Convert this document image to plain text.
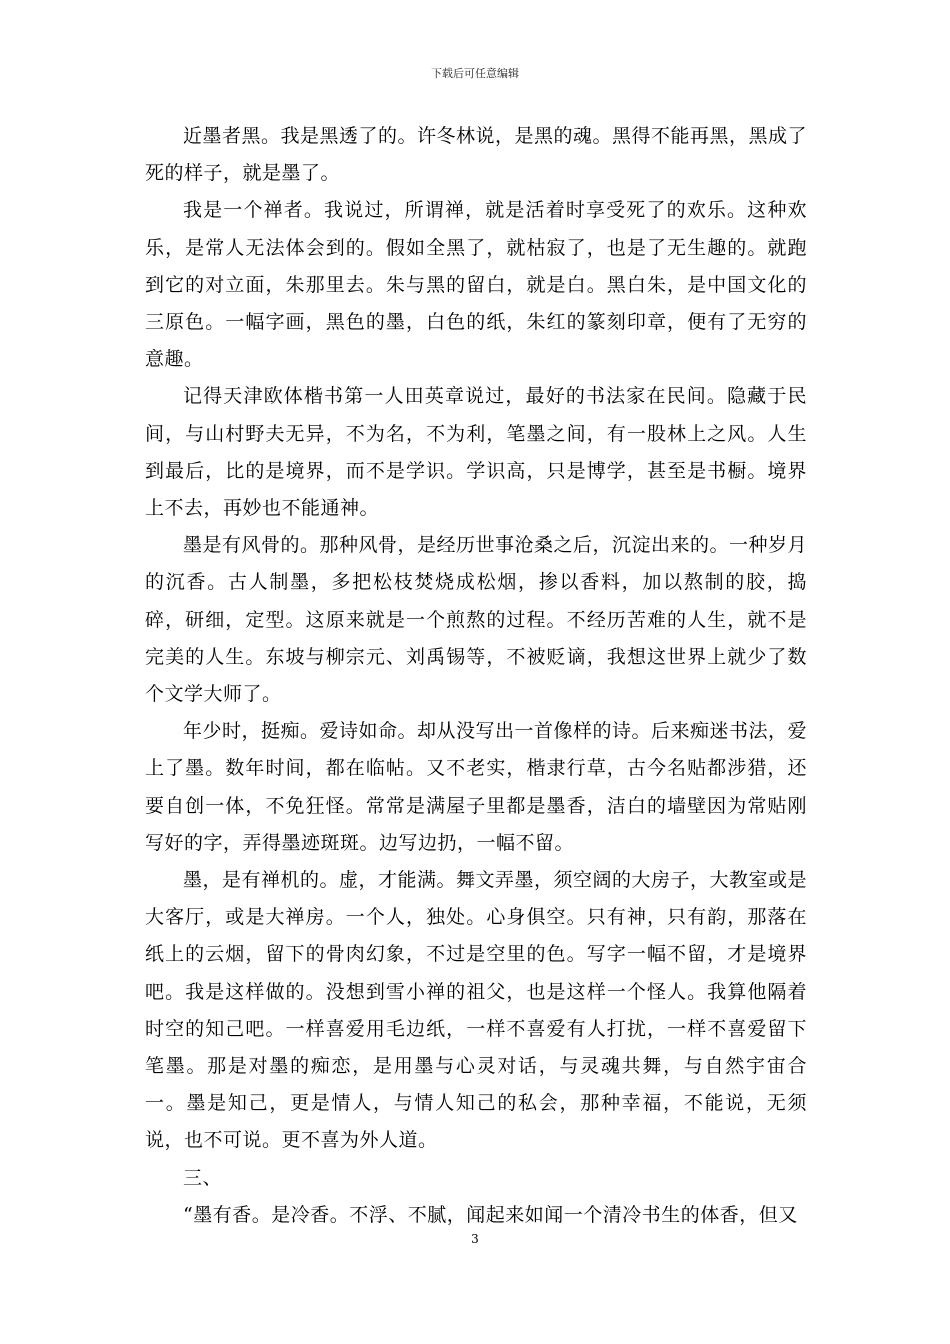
下载后可任意编辑

近墨者黑。我是黑透了的。许冬林说，是黑的魂。黑得不能再黑，黑成了死的样子，就是墨了。

我是一个禅者。我说过，所谓禅，就是活着时享受死了的欢乐。这种欢乐，是常人无法体会到的。假如全黑了，就枯寂了，也是了无生趣的。就跑到它的对立面，朱那里去。朱与黑的留白，就是白。黑白朱，是中国文化的三原色。一幅字画，黑色的墨，白色的纸，朱红的篆刻印章，便有了无穷的意趣。

记得天津欧体楷书第一人田英章说过，最好的书法家在民间。隐藏于民间，与山村野夫无异，不为名，不为利，笔墨之间，有一股林上之风。人生到最后，比的是境界，而不是学识。学识高，只是博学，甚至是书橱。境界上不去，再妙也不能通神。

墨是有风骨的。那种风骨，是经历世事沧桑之后，沉淀出来的。一种岁月的沉香。古人制墨，多把松枝焚烧成松烟，掺以香料，加以熬制的胶，捣碎，研细，定型。这原来就是一个煎熬的过程。不经历苦难的人生，就不是完美的人生。东坡与柳宗元、刘禹锡等，不被贬谪，我想这世界上就少了数个文学大师了。

年少时，挺痴。爱诗如命。却从没写出一首像样的诗。后来痴迷书法，爱上了墨。数年时间，都在临帖。又不老实，楷隶行草，古今名贴都涉猎，还要自创一体，不免狂怪。常常是满屋子里都是墨香，洁白的墙壁因为常贴刚写好的字，弄得墨迹斑斑。边写边扔，一幅不留。

墨，是有禅机的。虚，才能满。舞文弄墨，须空阔的大房子，大教室或是大客厅，或是大禅房。一个人，独处。心身俱空。只有神，只有韵，那落在纸上的云烟，留下的骨肉幻象，不过是空里的色。写字一幅不留，才是境界吧。我是这样做的。没想到雪小禅的祖父，也是这样一个怪人。我算他隔着时空的知己吧。一样喜爱用毛边纸，一样不喜爱有人打扰，一样不喜爱留下笔墨。那是对墨的痴恋，是用墨与心灵对话，与灵魂共舞，与自然宇宙合一。墨是知己，更是情人，与情人知己的私会，那种幸福，不能说，无须说，也不可说。更不喜为外人道。

三、

“墨有香。是冷香。不浮、不腻，闻起来如闻一个清冷书生的体香，但又

3
